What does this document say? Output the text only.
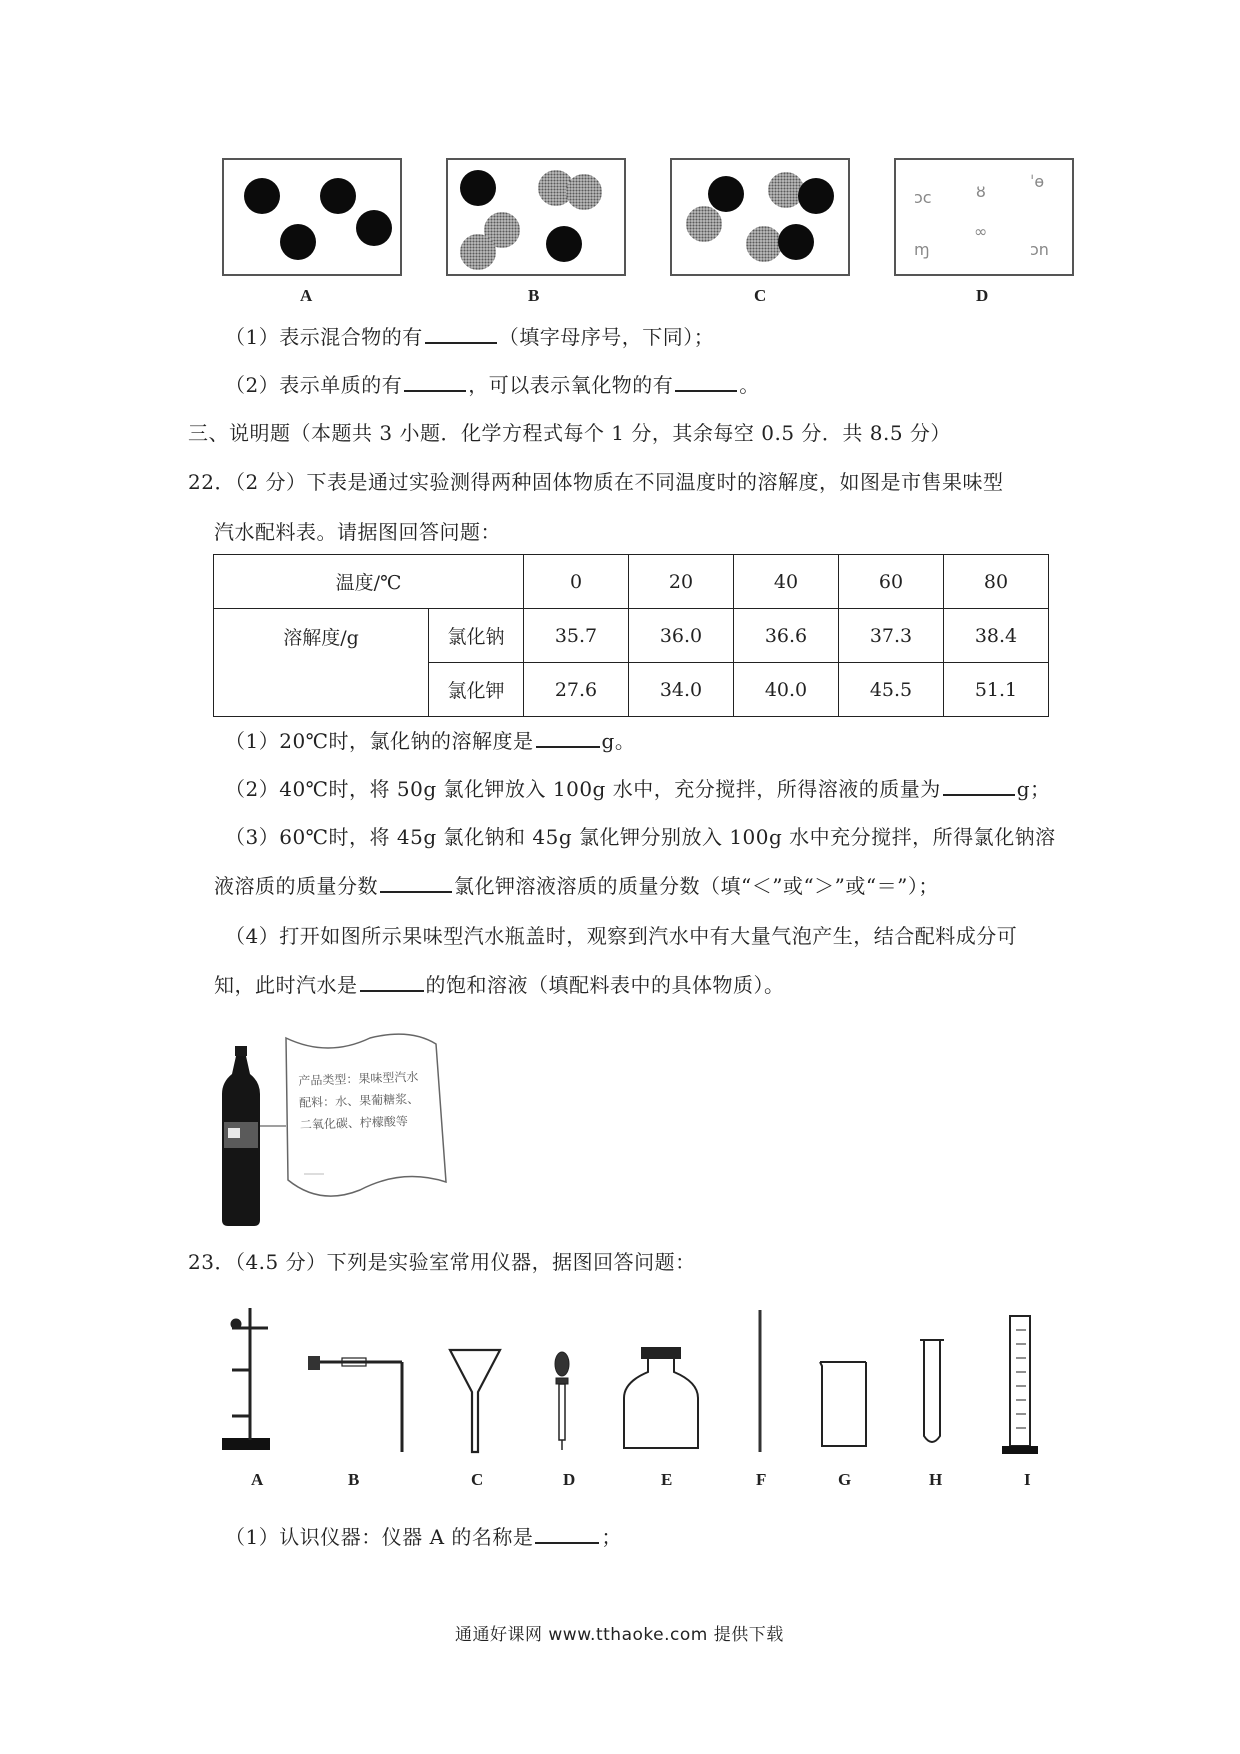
ɔc	ȣ
ˈɵ
ɱ
∞
ɔn
A	B	C	D
（1）表示混合物的有	（填字母序号，下同）；
（2）表示单质的有	，可以表示氧化物的有	。
三、说明题（本题共 3 小题．化学方程式每个 1 分，其余每空 0.5 分．共 8.5 分）
22．（2 分）下表是通过实验测得两种固体物质在不同温度时的溶解度，如图是市售果味型
汽水配料表。请据图回答问题：
温度/℃		0	20	40	60	80
溶解度/g	氯化钠	35.7	36.0	36.6	37.3	38.4
	氯化钾	27.6	34.0	40.0	45.5	51.1
（1）20℃时，氯化钠的溶解度是	g。
（2）40℃时，将 50g 氯化钾放入 100g 水中，充分搅拌，所得溶液的质量为	g；
（3）60℃时，将 45g 氯化钠和 45g 氯化钾分别放入 100g 水中充分搅拌，所得氯化钠溶
液溶质的质量分数	氯化钾溶液溶质的质量分数（填“＜”或“＞”或“＝”）；
（4）打开如图所示果味型汽水瓶盖时，观察到汽水中有大量气泡产生，结合配料成分可
知，此时汽水是	的饱和溶液（填配料表中的具体物质）。
产品类型：果味型汽水
配料：水、果葡糖浆、
二氧化碳、柠檬酸等
23．（4.5 分）下列是实验室常用仪器，据图回答问题：
A	B	C	D	E	F	G	H	I
（1）认识仪器：仪器 A 的名称是	；
通通好课网 www.tthaoke.com 提供下载
